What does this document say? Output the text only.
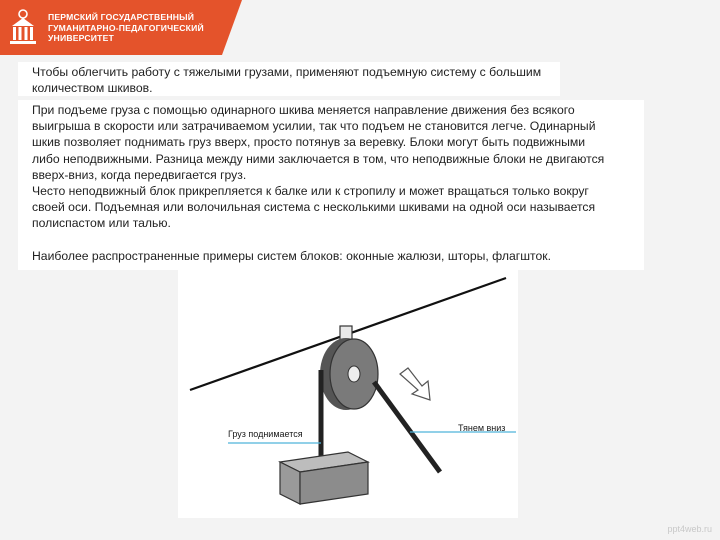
ПЕРМСКИЙ ГОСУДАРСТВЕННЫЙ
ГУМАНИТАРНО-ПЕДАГОГИЧЕСКИЙ
УНИВЕРСИТЕТ
Чтобы облегчить работу с тяжелыми грузами, применяют подъемную систему с большим
количеством шкивов.
При подъеме груза с помощью одинарного шкива меняется направление движения без всякого
выигрыша в скорости или затрачиваемом усилии, так что подъем не становится легче. Одинарный
шкив позволяет поднимать груз вверх, просто потянув за веревку. Блоки могут быть подвижными
либо неподвижными. Разница между ними заключается в том, что неподвижные блоки не двигаются
вверх-вниз, когда передвигается груз.
Често неподвижный блок прикрепляется к балке или к стропилу и может вращаться только вокруг
своей оси. Подъемная или волочильная система с несколькими шкивами на одной оси называется
полиспастом или талью.
Наиболее распространенные примеры систем блоков: оконные жалюзи, шторы, флагшток.
Груз поднимается
Тянем вниз
ppt4web.ru
